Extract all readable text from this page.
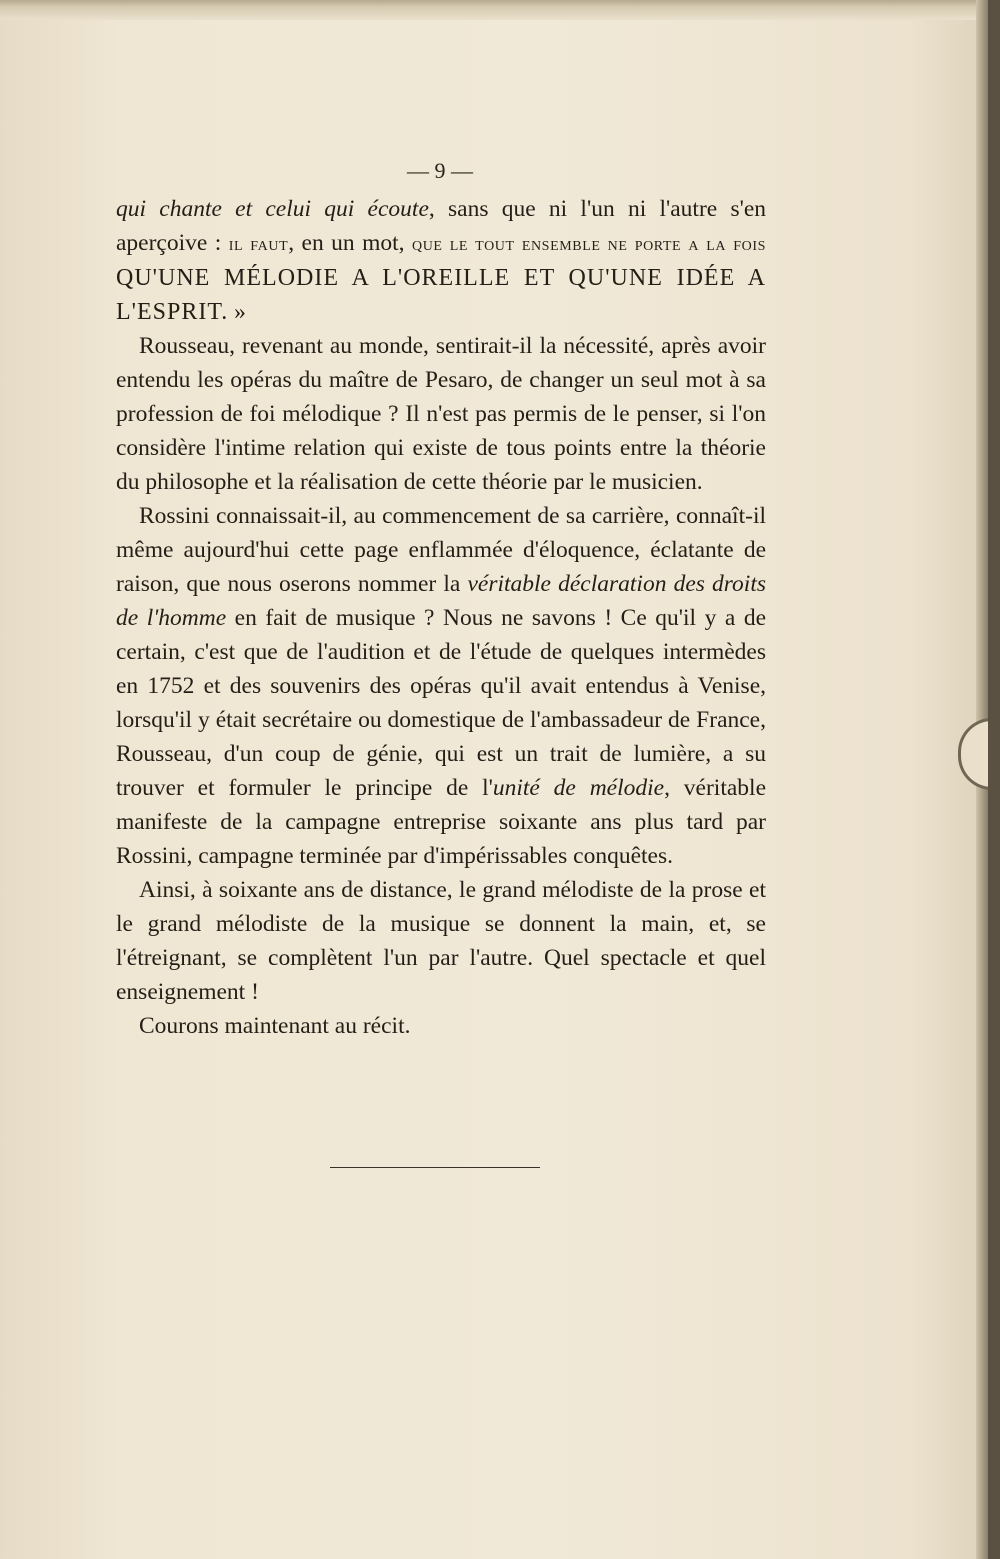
— 9 —

qui chante et celui qui écoute, sans que ni l'un ni l'autre s'en aperçoive : il faut, en un mot, que le tout ensemble ne porte a la fois QU'UNE MÉLODIE A L'OREILLE ET QU'UNE IDÉE A L'ESPRIT. »

Rousseau, revenant au monde, sentirait-il la nécessité, après avoir entendu les opéras du maître de Pesaro, de changer un seul mot à sa profession de foi mélodique ? Il n'est pas permis de le penser, si l'on considère l'intime relation qui existe de tous points entre la théorie du philosophe et la réalisation de cette théorie par le musicien.

Rossini connaissait-il, au commencement de sa carrière, connaît-il même aujourd'hui cette page enflammée d'éloquence, éclatante de raison, que nous oserons nommer la véritable déclaration des droits de l'homme en fait de musique ? Nous ne savons ! Ce qu'il y a de certain, c'est que de l'audition et de l'étude de quelques intermèdes en 1752 et des souvenirs des opéras qu'il avait entendus à Venise, lorsqu'il y était secrétaire ou domestique de l'ambassadeur de France, Rousseau, d'un coup de génie, qui est un trait de lumière, a su trouver et formuler le principe de l'unité de mélodie, véritable manifeste de la campagne entreprise soixante ans plus tard par Rossini, campagne terminée par d'impérissables conquêtes.

Ainsi, à soixante ans de distance, le grand mélodiste de la prose et le grand mélodiste de la musique se donnent la main, et, se l'étreignant, se complètent l'un par l'autre. Quel spectacle et quel enseignement !

Courons maintenant au récit.
